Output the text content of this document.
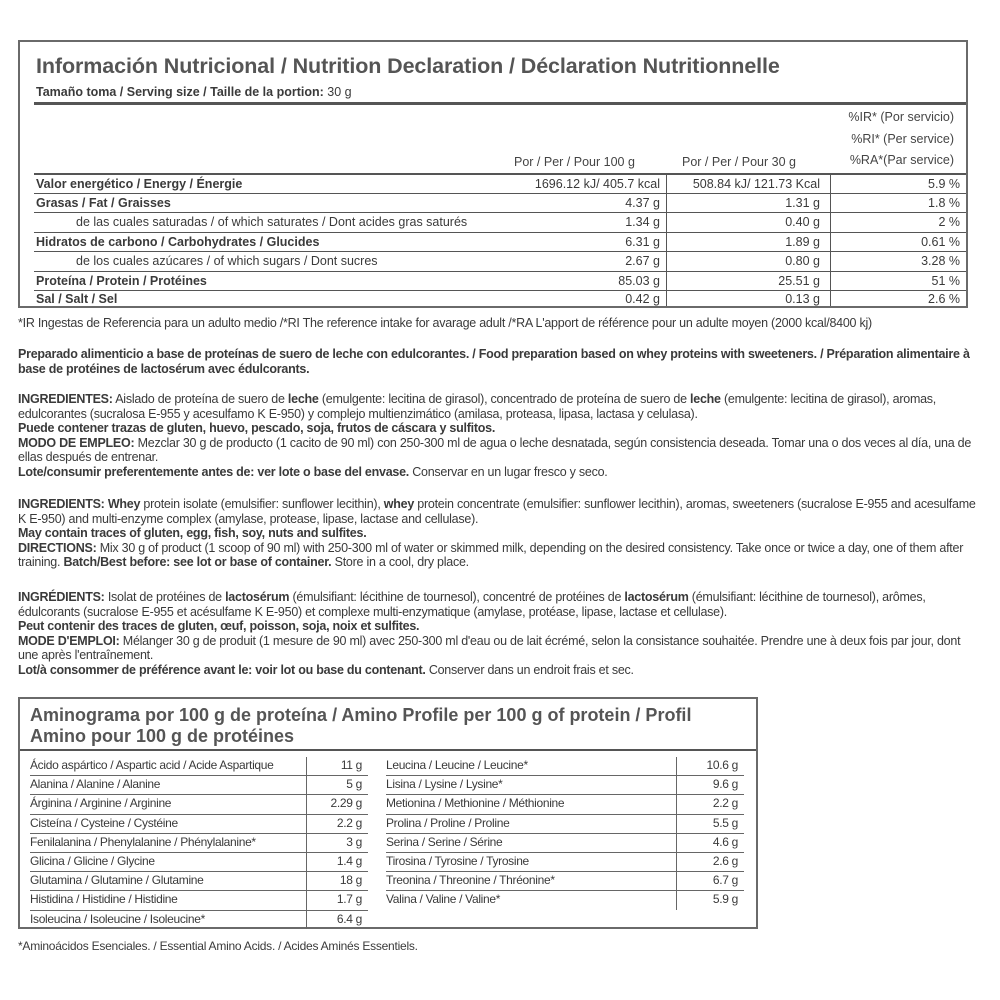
Información Nutricional / Nutrition Declaration / Déclaration Nutritionnelle
Tamaño toma / Serving size / Taille de la portion: 30 g
Por / Per / Pour 100 g	Por / Per / Pour 30 g
%IR* (Por servicio)
%RI* (Per service)
%RA*(Par service)
Valor energético / Energy / Énergie	1696.12 kJ/ 405.7 kcal	508.84 kJ/ 121.73 Kcal	5.9 %
Grasas / Fat / Graisses	4.37 g	1.31 g	1.8 %
de las cuales saturadas / of which saturates / Dont acides gras saturés	1.34 g	0.40 g	2 %
Hidratos de carbono / Carbohydrates / Glucides	6.31 g	1.89 g	0.61 %
de los cuales azúcares / of which sugars / Dont sucres	2.67 g	0.80 g	3.28 %
Proteína / Protein / Protéines	85.03 g	25.51 g	51 %
Sal / Salt / Sel	0.42 g	0.13 g	2.6 %
*IR Ingestas de Referencia para un adulto medio /*RI The reference intake for avarage adult /*RA L'apport de référence pour un adulte moyen (2000 kcal/8400 kj)

Preparado alimenticio a base de proteínas de suero de leche con edulcorantes. / Food preparation based on whey proteins with sweeteners. / Préparation alimentaire à base de protéines de lactosérum avec édulcorants.

INGREDIENTES: Aislado de proteína de suero de leche (emulgente: lecitina de girasol), concentrado de proteína de suero de leche (emulgente: lecitina de girasol), aromas, edulcorantes (sucralosa E-955 y acesulfamo K E-950) y complejo multienzimático (amilasa, proteasa, lipasa, lactasa y celulasa).

Puede contener trazas de gluten, huevo, pescado, soja, frutos de cáscara y sulfitos.

MODO DE EMPLEO: Mezclar 30 g de producto (1 cacito de 90 ml) con 250-300 ml de agua o leche desnatada, según consistencia deseada. Tomar una o dos veces al día, una de ellas después de entrenar.

Lote/consumir preferentemente antes de: ver lote o base del envase. Conservar en un lugar fresco y seco.

INGREDIENTS: Whey protein isolate (emulsifier: sunflower lecithin), whey protein concentrate (emulsifier: sunflower lecithin), aromas, sweeteners (sucralose E-955 and acesulfame K E-950) and multi-enzyme complex (amylase, protease, lipase, lactase and cellulase).

May contain traces of gluten, egg, fish, soy, nuts and sulfites.

DIRECTIONS: Mix 30 g of product (1 scoop of 90 ml) with 250-300 ml of water or skimmed milk, depending on the desired consistency. Take once or twice a day, one of them after training. Batch/Best before: see lot or base of container. Store in a cool, dry place.

INGRÉDIENTS: Isolat de protéines de lactosérum (émulsifiant: lécithine de tournesol), concentré de protéines de lactosérum (émulsifiant: lécithine de tournesol), arômes, édulcorants (sucralose E-955 et acésulfame K E-950) et complexe multi-enzymatique (amylase, protéase, lipase, lactase et cellulase).

Peut contenir des traces de gluten, œuf, poisson, soja, noix et sulfites.

MODE D'EMPLOI: Mélanger 30 g de produit (1 mesure de 90 ml) avec 250-300 ml d'eau ou de lait écrémé, selon la consistance souhaitée. Prendre une à deux fois par jour, dont une après l'entraînement.

Lot/à consommer de préférence avant le: voir lot ou base du contenant. Conserver dans un endroit frais et sec.

Aminograma por 100 g de proteína / Amino Profile per 100 g of protein / Profil Amino pour 100 g de protéines
Ácido aspártico / Aspartic acid / Acide Aspartique	11 g
Alanina / Alanine / Alanine	5 g
Árginina / Arginine / Arginine	2.29 g
Cisteína / Cysteine / Cystéine	2.2 g
Fenilalanina / Phenylalanine / Phénylalanine*	3 g
Glicina / Glicine / Glycine	1.4 g
Glutamina / Glutamine / Glutamine	18 g
Histidina / Histidine / Histidine	1.7 g
Isoleucina / Isoleucine / Isoleucine*	6.4 g
Leucina / Leucine / Leucine*	10.6 g
Lisina / Lysine / Lysine*	9.6 g
Metionina / Methionine / Méthionine	2.2 g
Prolina / Proline / Proline	5.5 g
Serina / Serine / Sérine	4.6 g
Tirosina / Tyrosine / Tyrosine	2.6 g
Treonina / Threonine / Thréonine*	6.7 g
Valina / Valine / Valine*	5.9 g
*Aminoácidos Esenciales. / Essential Amino Acids. / Acides Aminés Essentiels.
